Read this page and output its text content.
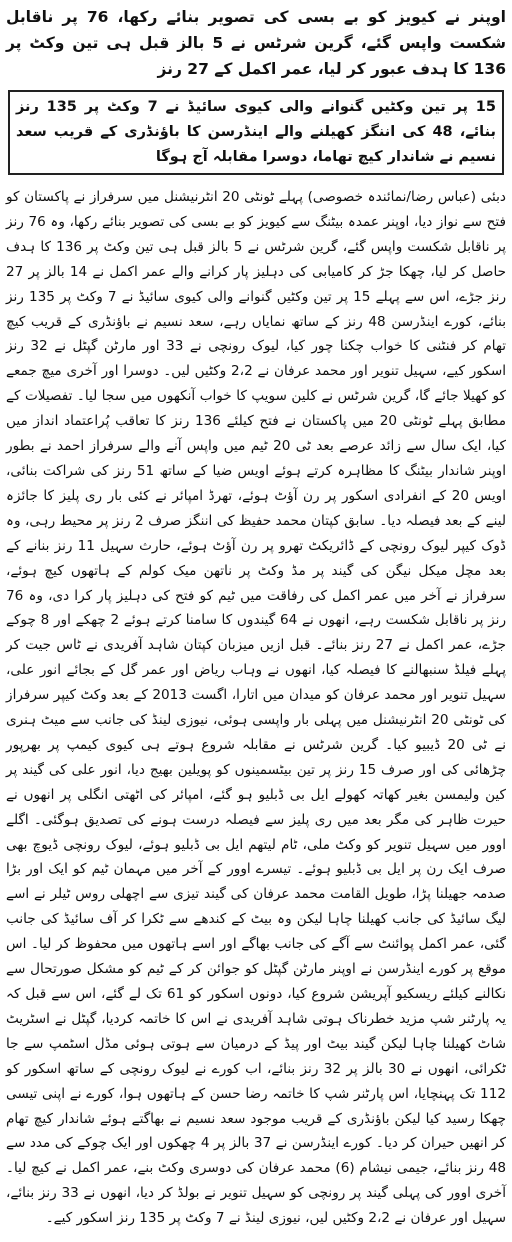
اوپنر نے کیویز کو بے بسی کی تصویر بنائے رکھا، 76 پر ناقابل شکست واپس گئے، گرین شرٹس نے 5 بالز قبل ہی تین وکٹ پر 136 کا ہدف عبور کر لیا، عمر اکمل کے 27 رنز
15 پر تین وکٹیں گنوانے والی کیوی سائیڈ نے 7 وکٹ پر 135 رنز بنائے، 48 کی اننگز کھیلنے والے اینڈرسن کا باؤنڈری کے قریب سعد نسیم نے شاندار کیچ تھاما، دوسرا مقابلہ آج ہوگا

دبئی (عباس رضا/نمائندہ خصوصی) پہلے ٹونٹی 20 انٹرنیشنل میں سرفراز نے پاکستان کو فتح سے نواز دیا، اوپنر عمدہ بیٹنگ سے کیویز کو بے بسی کی تصویر بنائے رکھا، وہ 76 رنز پر ناقابل شکست واپس گئے، گرین شرٹس نے 5 بالز قبل ہی تین وکٹ پر 136 کا ہدف حاصل کر لیا، چھکا جڑ کر کامیابی کی دہلیز پار کرانے والے عمر اکمل نے 14 بالز پر 27 رنز جڑے، اس سے پہلے 15 پر تین وکٹیں گنوانے والی کیوی سائیڈ نے 7 وکٹ پر 135 رنز بنائے، کورے اینڈرسن 48 رنز کے ساتھ نمایاں رہے، سعد نسیم نے باؤنڈری کے قریب کیچ تھام کر فنٹنی کا خواب چکنا چور کیا، لیوک رونچی نے 33 اور مارٹن گپٹل نے 32 رنز اسکور کیے، سہیل تنویر اور محمد عرفان نے 2،2 وکٹیں لیں۔ دوسرا اور آخری میچ جمعے کو کھیلا جائے گا، گرین شرٹس نے کلین سویپ کا خواب آنکھوں میں سجا لیا۔ تفصیلات کے مطابق پہلے ٹونٹی 20 میں پاکستان نے فتح کیلئے 136 رنز کا تعاقب پُراعتماد انداز میں کیا، ایک سال سے زائد عرصے بعد ٹی 20 ٹیم میں واپس آنے والے سرفراز احمد نے بطور اوپنر شاندار بیٹنگ کا مظاہرہ کرتے ہوئے اویس ضیا کے ساتھ 51 رنز کی شراکت بنائی، اویس 20 کے انفرادی اسکور پر رن آؤٹ ہوئے، تھرڈ امپائر نے کئی بار ری پلیز کا جائزہ لینے کے بعد فیصلہ دیا۔ سابق کپتان محمد حفیظ کی اننگز صرف 2 رنز پر محیط رہی، وہ ڈوک کیپر لیوک رونچی کے ڈائریکٹ تھرو پر رن آؤٹ ہوئے، حارث سہیل 11 رنز بنانے کے بعد مچل میکل نیگن کی گیند پر مڈ وکٹ پر ناتھن میک کولم کے ہاتھوں کیچ ہوئے، سرفراز نے آخر میں عمر اکمل کی رفاقت میں ٹیم کو فتح کی دہلیز پار کرا دی، وہ 76 رنز پر ناقابل شکست رہے، انھوں نے 64 گیندوں کا سامنا کرتے ہوئے 2 چھکے اور 8 چوکے جڑے، عمر اکمل نے 27 رنز بنائے۔ قبل ازیں میزبان کپتان شاہد آفریدی نے ٹاس جیت کر پہلے فیلڈ سنبھالنے کا فیصلہ کیا، انھوں نے وہاب ریاض اور عمر گل کے بجائے انور علی، سہیل تنویر اور محمد عرفان کو میدان میں اتارا، اگست 2013 کے بعد وکٹ کیپر سرفراز کی ٹونٹی 20 انٹرنیشنل میں پہلی بار واپسی ہوئی، نیوزی لینڈ کی جانب سے میٹ ہنری نے ٹی 20 ڈیبیو کیا۔ گرین شرٹس نے مقابلہ شروع ہوتے ہی کیوی کیمپ پر بھرپور چڑھائی کی اور صرف 15 رنز پر تین بیٹسمینوں کو پویلین بھیج دیا، انور علی کی گیند پر کین ولیمسن بغیر کھاتہ کھولے ایل بی ڈبلیو ہو گئے، امپائر کی اٹھتی انگلی پر انھوں نے حیرت ظاہر کی مگر بعد میں ری پلیز سے فیصلہ درست ہونے کی تصدیق ہوگئی۔ اگلے اوور میں سہیل تنویر کو وکٹ ملی، ٹام لیتھم ایل بی ڈبلیو ہوئے، لیوک رونچی ڈیوچ بھی صرف ایک رن پر ایل بی ڈبلیو ہوئے۔ تیسرے اوور کے آخر میں مہمان ٹیم کو ایک اور بڑا صدمہ جھیلنا پڑا، طویل القامت محمد عرفان کی گیند تیزی سے اچھلی روس ٹیلر نے اسے لیگ سائیڈ کی جانب کھیلنا چاہا لیکن وہ بیٹ کے کندھے سے ٹکرا کر آف سائیڈ کی جانب گئی، عمر اکمل پوائنٹ سے آگے کی جانب بھاگے اور اسے ہاتھوں میں محفوظ کر لیا۔ اس موقع پر کورے اینڈرسن نے اوپنر مارٹن گپٹل کو جوائن کر کے ٹیم کو مشکل صورتحال سے نکالنے کیلئے ریسکیو آپریشن شروع کیا، دونوں اسکور کو 61 تک لے گئے، اس سے قبل کہ یہ پارٹنر شپ مزید خطرناک ہوتی شاہد آفریدی نے اس کا خاتمہ کردیا، گپٹل نے اسٹریٹ شاٹ کھیلنا چاہا لیکن گیند بیٹ اور پیڈ کے درمیان سے ہوتی ہوئی مڈل اسٹمپ سے جا ٹکرائی، انھوں نے 30 بالز پر 32 رنز بنائے، اب کورے نے لیوک رونچی کے ساتھ اسکور کو 112 تک پہنچایا، اس پارٹنر شپ کا خاتمہ رضا حسن کے ہاتھوں ہوا، کورے نے اپنی تیسی چھکا رسید کیا لیکن باؤنڈری کے قریب موجود سعد نسیم نے بھاگتے ہوئے شاندار کیچ تھام کر انھیں حیران کر دیا۔ کورے اینڈرسن نے 37 بالز پر 4 چھکوں اور ایک چوکے کی مدد سے 48 رنز بنائے، جیمی نیشام (6) محمد عرفان کی دوسری وکٹ بنے، عمر اکمل نے کیچ لیا۔ آخری اوور کی پہلی گیند پر رونچی کو سہیل تنویر نے بولڈ کر دیا، انھوں نے 33 رنز بنائے، سہیل اور عرفان نے 2،2 وکٹیں لیں، نیوزی لینڈ نے 7 وکٹ پر 135 رنز اسکور کیے۔
